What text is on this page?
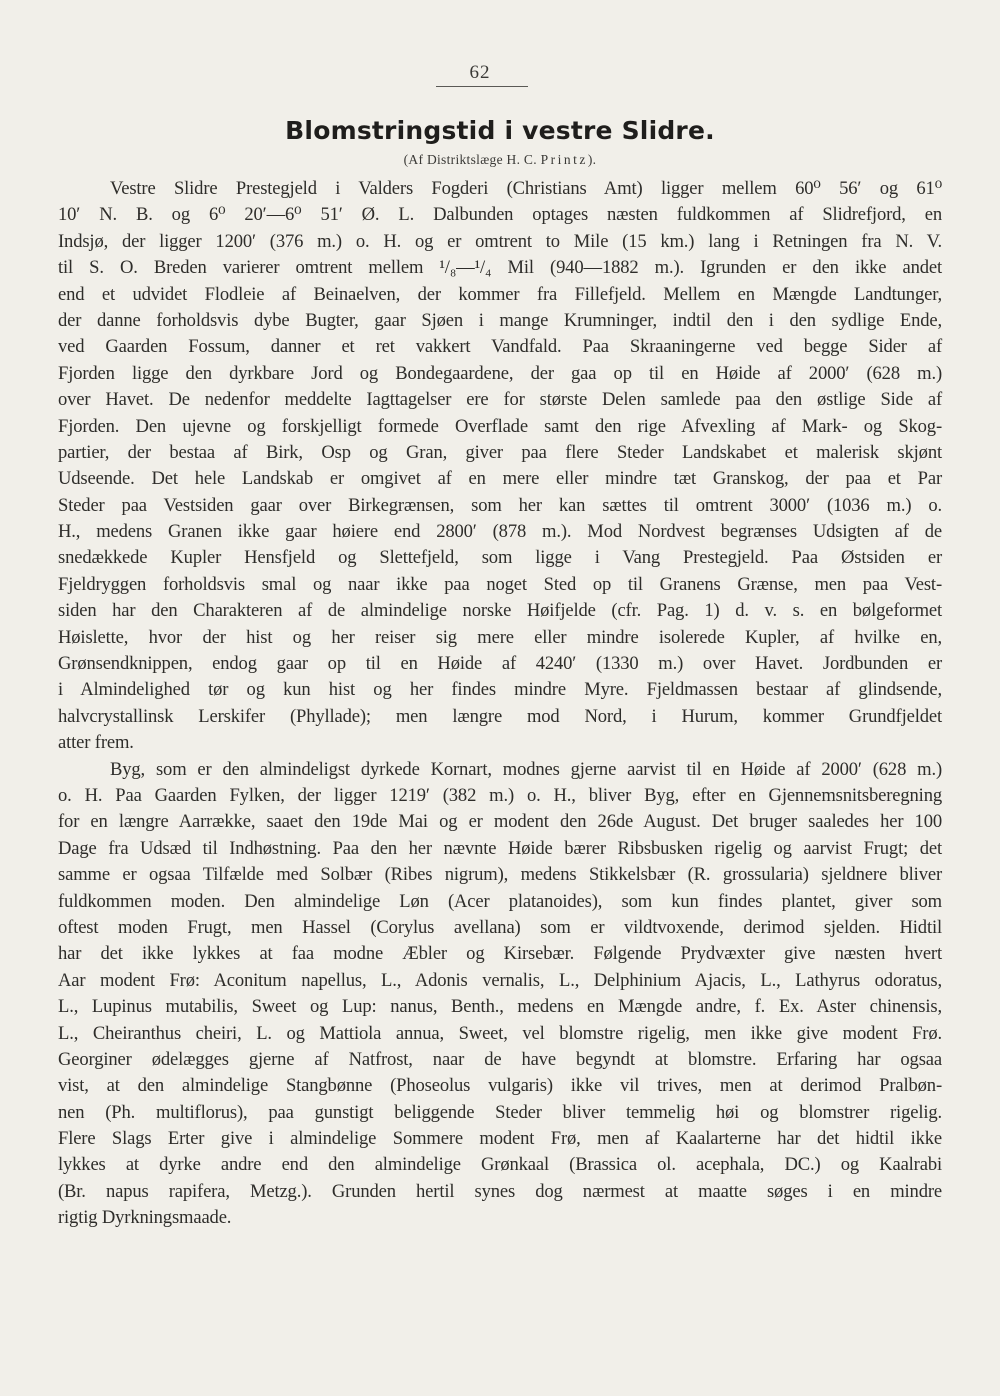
62
Blomstringstid i vestre Slidre.
(Af Distriktslæge H. C. Printz).
Vestre Slidre Prestegjeld i Valders Fogderi (Christians Amt) ligger mellem 60⁰ 56′ og 61⁰
10′ N. B. og 6⁰ 20′—6⁰ 51′ Ø. L. Dalbunden optages næsten fuldkommen af Slidrefjord, en
Indsjø, der ligger 1200′ (376 m.) o. H. og er omtrent to Mile (15 km.) lang i Retningen fra N. V.
til S. O. Breden varierer omtrent mellem ¹/₈—¹/₄ Mil (940—1882 m.). Igrunden er den ikke andet
end et udvidet Flodleie af Beinaelven, der kommer fra Fillefjeld. Mellem en Mængde Landtunger,
der danne forholdsvis dybe Bugter, gaar Sjøen i mange Krumninger, indtil den i den sydlige Ende,
ved Gaarden Fossum, danner et ret vakkert Vandfald. Paa Skraaningerne ved begge Sider af
Fjorden ligge den dyrkbare Jord og Bondegaardene, der gaa op til en Høide af 2000′ (628 m.)
over Havet. De nedenfor meddelte Iagttagelser ere for største Delen samlede paa den østlige Side af
Fjorden. Den ujevne og forskjelligt formede Overflade samt den rige Afvexling af Mark- og Skog-
partier, der bestaa af Birk, Osp og Gran, giver paa flere Steder Landskabet et malerisk skjønt
Udseende. Det hele Landskab er omgivet af en mere eller mindre tæt Granskog, der paa et Par
Steder paa Vestsiden gaar over Birkegrænsen, som her kan sættes til omtrent 3000′ (1036 m.) o.
H., medens Granen ikke gaar høiere end 2800′ (878 m.). Mod Nordvest begrænses Udsigten af de
snedækkede Kupler Hensfjeld og Slettefjeld, som ligge i Vang Prestegjeld. Paa Østsiden er
Fjeldryggen forholdsvis smal og naar ikke paa noget Sted op til Granens Grænse, men paa Vest-
siden har den Charakteren af de almindelige norske Høifjelde (cfr. Pag. 1) d. v. s. en bølgeformet
Høislette, hvor der hist og her reiser sig mere eller mindre isolerede Kupler, af hvilke en,
Grønsendknippen, endog gaar op til en Høide af 4240′ (1330 m.) over Havet. Jordbunden er
i Almindelighed tør og kun hist og her findes mindre Myre. Fjeldmassen bestaar af glindsende,
halvcrystallinsk Lerskifer (Phyllade); men længre mod Nord, i Hurum, kommer Grundfjeldet
atter frem.
Byg, som er den almindeligst dyrkede Kornart, modnes gjerne aarvist til en Høide af 2000′ (628 m.)
o. H. Paa Gaarden Fylken, der ligger 1219′ (382 m.) o. H., bliver Byg, efter en Gjennemsnitsberegning
for en længre Aarrække, saaet den 19de Mai og er modent den 26de August. Det bruger saaledes her 100
Dage fra Udsæd til Indhøstning. Paa den her nævnte Høide bærer Ribsbusken rigelig og aarvist Frugt; det
samme er ogsaa Tilfælde med Solbær (Ribes nigrum), medens Stikkelsbær (R. grossularia) sjeldnere bliver
fuldkommen moden. Den almindelige Løn (Acer platanoides), som kun findes plantet, giver som
oftest moden Frugt, men Hassel (Corylus avellana) som er vildtvoxende, derimod sjelden. Hidtil
har det ikke lykkes at faa modne Æbler og Kirsebær. Følgende Prydvæxter give næsten hvert
Aar modent Frø: Aconitum napellus, L., Adonis vernalis, L., Delphinium Ajacis, L., Lathyrus odoratus,
L., Lupinus mutabilis, Sweet og Lup: nanus, Benth., medens en Mængde andre, f. Ex. Aster chinensis,
L., Cheiranthus cheiri, L. og Mattiola annua, Sweet, vel blomstre rigelig, men ikke give modent Frø.
Georginer ødelægges gjerne af Natfrost, naar de have begyndt at blomstre. Erfaring har ogsaa
vist, at den almindelige Stangbønne (Phoseolus vulgaris) ikke vil trives, men at derimod Pralbøn-
nen (Ph. multiflorus), paa gunstigt beliggende Steder bliver temmelig høi og blomstrer rigelig.
Flere Slags Erter give i almindelige Sommere modent Frø, men af Kaalarterne har det hidtil ikke
lykkes at dyrke andre end den almindelige Grønkaal (Brassica ol. acephala, DC.) og Kaalrabi
(Br. napus rapifera, Metzg.). Grunden hertil synes dog nærmest at maatte søges i en mindre
rigtig Dyrkningsmaade.
